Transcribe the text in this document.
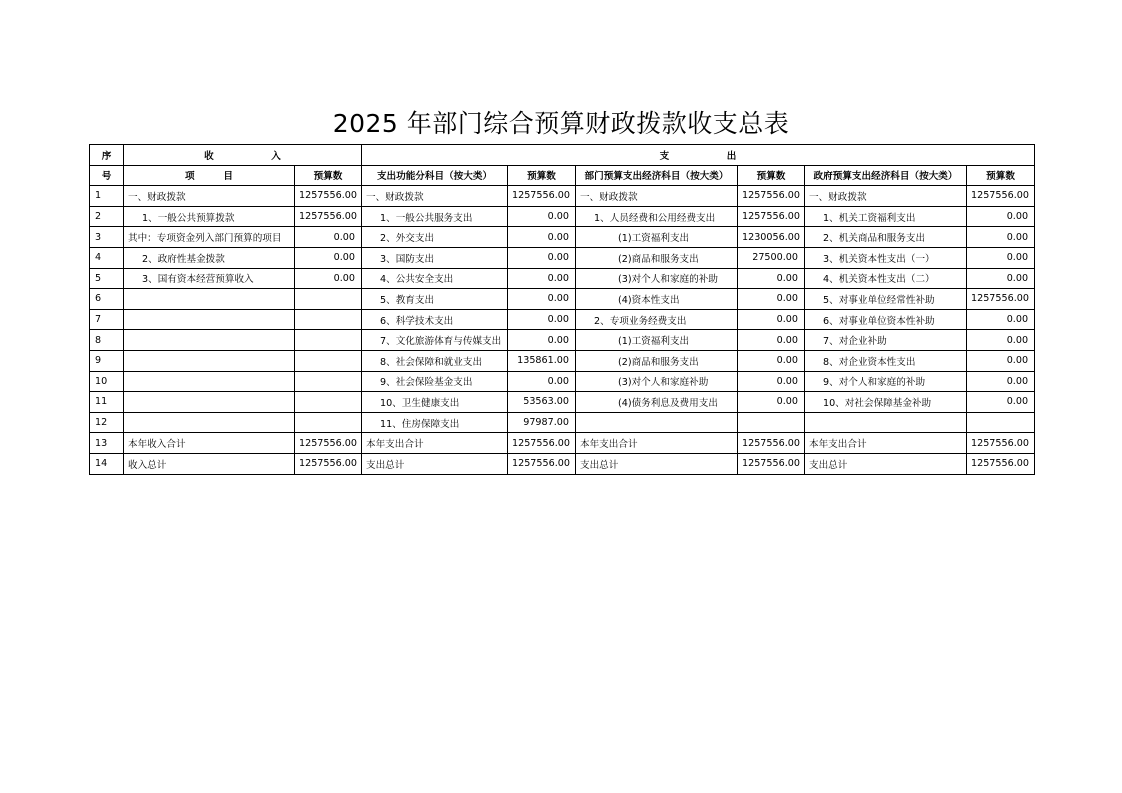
2025 年部门综合预算财政拨款收支总表
序	收　　　　　　入		支　　　　　　出					
号	项　　　目	预算数	支出功能分科目（按大类）	预算数	部门预算支出经济科目（按大类）	预算数	政府预算支出经济科目（按大类）	预算数
1	一、财政拨款	1257556.00	一、财政拨款	1257556.00	一、财政拨款	1257556.00	一、财政拨款	1257556.00
2	1、一般公共预算拨款	1257556.00	1、一般公共服务支出	0.00	1、人员经费和公用经费支出	1257556.00	1、机关工资福利支出	0.00
3	其中：专项资金列入部门预算的项目	0.00	2、外交支出	0.00	(1)工资福利支出	1230056.00	2、机关商品和服务支出	0.00
4	2、政府性基金拨款	0.00	3、国防支出	0.00	(2)商品和服务支出	27500.00	3、机关资本性支出（一）	0.00
5	3、国有资本经营预算收入	0.00	4、公共安全支出	0.00	(3)对个人和家庭的补助	0.00	4、机关资本性支出（二）	0.00
6			5、教育支出	0.00	(4)资本性支出	0.00	5、对事业单位经常性补助	1257556.00
7			6、科学技术支出	0.00	2、专项业务经费支出	0.00	6、对事业单位资本性补助	0.00
8			7、文化旅游体育与传媒支出	0.00	(1)工资福利支出	0.00	7、对企业补助	0.00
9			8、社会保障和就业支出	135861.00	(2)商品和服务支出	0.00	8、对企业资本性支出	0.00
10			9、社会保险基金支出	0.00	(3)对个人和家庭补助	0.00	9、对个人和家庭的补助	0.00
11			10、卫生健康支出	53563.00	(4)债务利息及费用支出	0.00	10、对社会保障基金补助	0.00
12			11、住房保障支出	97987.00				
13	本年收入合计	1257556.00	本年支出合计	1257556.00	本年支出合计	1257556.00	本年支出合计	1257556.00
14	收入总计	1257556.00	支出总计	1257556.00	支出总计	1257556.00	支出总计	1257556.00
